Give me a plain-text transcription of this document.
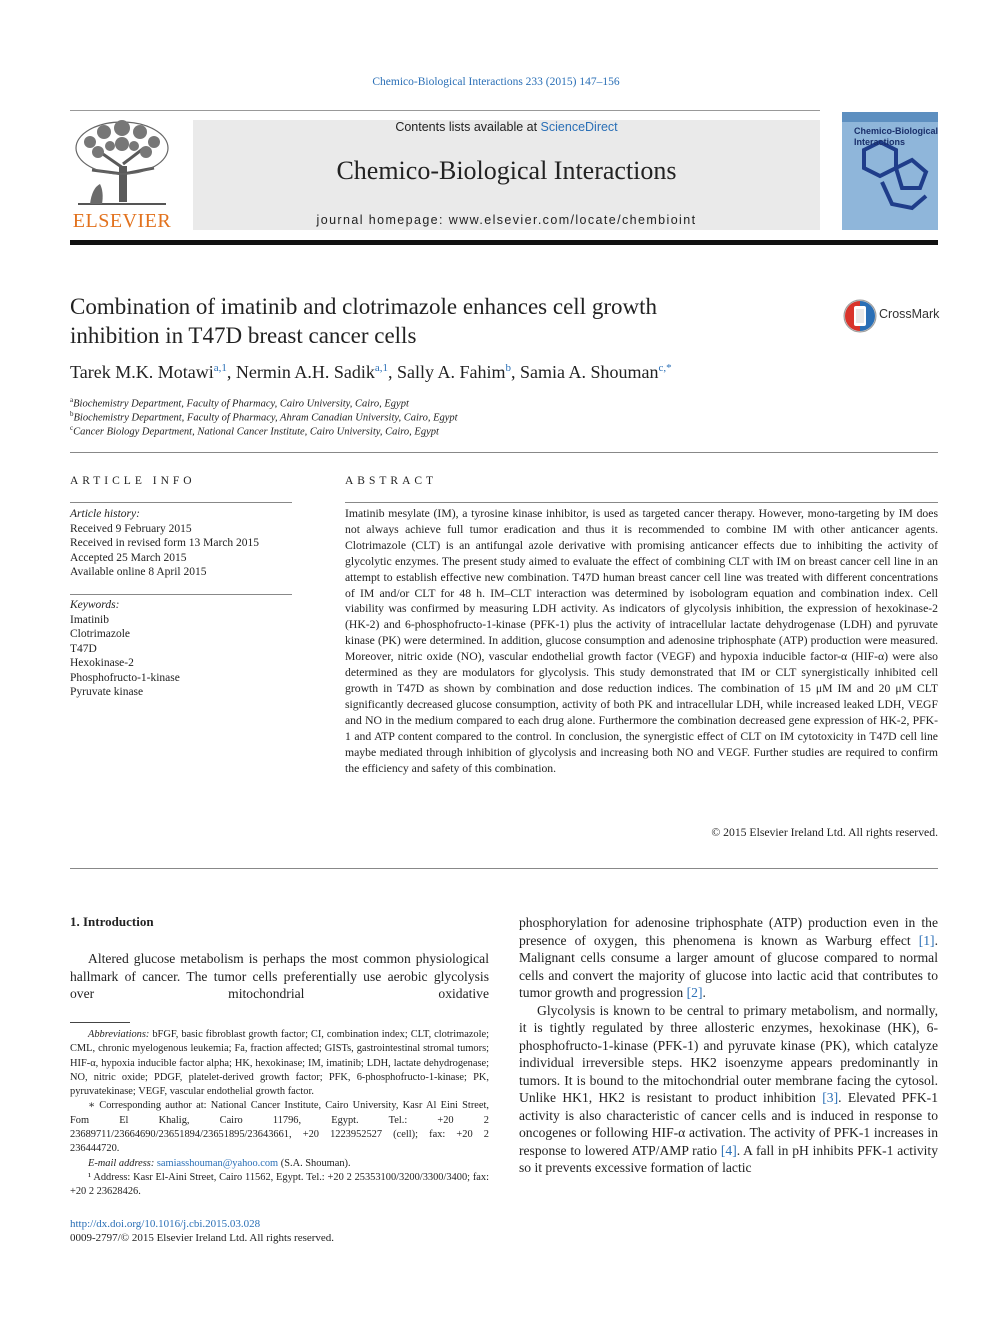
Chemico-Biological Interactions 233 (2015) 147–156
ELSEVIER
Contents lists available at ScienceDirect
Chemico-Biological Interactions
journal homepage: www.elsevier.com/locate/chembioint
Chemico-Biological Interactions
Combination of imatinib and clotrimazole enhances cell growth
inhibition in T47D breast cancer cells
CrossMark
Tarek M.K. Motawi$^{a,1}$, Nermin A.H. Sadik$^{a,1}$, Sally A. Fahim$^b$, Samia A. Shouman$^{c,*}$
$^a$Biochemistry Department, Faculty of Pharmacy, Cairo University, Cairo, Egypt
$^b$Biochemistry Department, Faculty of Pharmacy, Ahram Canadian University, Cairo, Egypt
$^c$Cancer Biology Department, National Cancer Institute, Cairo University, Cairo, Egypt
ARTICLE INFO
Article history:
Received 9 February 2015
Received in revised form 13 March 2015
Accepted 25 March 2015
Available online 8 April 2015
Keywords:
Imatinib
Clotrimazole
T47D
Hexokinase-2
Phosphofructo-1-kinase
Pyruvate kinase
ABSTRACT
Imatinib mesylate (IM), a tyrosine kinase inhibitor, is used as targeted cancer therapy. However, mono-targeting by IM does not always achieve full tumor eradication and thus it is recommended to combine IM with other anticancer agents. Clotrimazole (CLT) is an antifungal azole derivative with promising anticancer effects due to inhibiting the activity of glycolytic enzymes. The present study aimed to evaluate the effect of combining CLT with IM on breast cancer cell line in an attempt to establish effective new combination. T47D human breast cancer cell line was treated with different concentrations of IM and/or CLT for 48 h. IM–CLT interaction was determined by isobologram equation and combination index. Cell viability was confirmed by measuring LDH activity. As indicators of glycolysis inhibition, the expression of hexokinase-2 (HK-2) and 6-phosphofructo-1-kinase (PFK-1) plus the activity of intracellular lactate dehydrogenase (LDH) and pyruvate kinase (PK) were determined. In addition, glucose consumption and adenosine triphosphate (ATP) production were measured. Moreover, nitric oxide (NO), vascular endothelial growth factor (VEGF) and hypoxia inducible factor-α (HIF-α) were also determined as they are modulators for glycolysis. This study demonstrated that IM or CLT synergistically inhibited cell growth in T47D as shown by combination and dose reduction indices. The combination of 15 μM IM and 20 μM CLT significantly decreased glucose consumption, activity of both PK and intracellular LDH, while increased leaked LDH, VEGF and NO in the medium compared to each drug alone. Furthermore the combination decreased gene expression of HK-2, PFK-1 and ATP content compared to the control. In conclusion, the synergistic effect of CLT on IM cytotoxicity in T47D cell line maybe mediated through inhibition of glycolysis and increasing both NO and VEGF. Further studies are required to confirm the efficiency and safety of this combination.
© 2015 Elsevier Ireland Ltd. All rights reserved.
1. Introduction
Altered glucose metabolism is perhaps the most common physiological hallmark of cancer. The tumor cells preferentially use aerobic glycolysis over mitochondrial oxidative

phosphorylation for adenosine triphosphate (ATP) production even in the presence of oxygen, this phenomena is known as Warburg effect [1]. Malignant cells consume a larger amount of glucose compared to normal cells and convert the majority of glucose into lactic acid that contributes to tumor growth and progression [2].

Glycolysis is known to be central to primary metabolism, and normally, it is tightly regulated by three allosteric enzymes, hexokinase (HK), 6-phosphofructo-1-kinase (PFK-1) and pyruvate kinase (PK), which catalyze individual irreversible steps. HK2 isoenzyme appears predominantly in tumors. It is bound to the mitochondrial outer membrane facing the cytosol. Unlike HK1, HK2 is resistant to product inhibition [3]. Elevated PFK-1 activity is also characteristic of cancer cells and is induced in response to oncogenes or following HIF-α activation. The activity of PFK-1 increases in response to lowered ATP/AMP ratio [4]. A fall in pH inhibits PFK-1 activity so it prevents excessive formation of lactic

Abbreviations: bFGF, basic fibroblast growth factor; CI, combination index; CLT, clotrimazole; CML, chronic myelogenous leukemia; Fa, fraction affected; GISTs, gastrointestinal stromal tumors; HIF-α, hypoxia inducible factor alpha; HK, hexokinase; IM, imatinib; LDH, lactate dehydrogenase; NO, nitric oxide; PDGF, platelet-derived growth factor; PFK, 6-phosphofructo-1-kinase; PK, pyruvatekinase; VEGF, vascular endothelial growth factor.

∗ Corresponding author at: National Cancer Institute, Cairo University, Kasr Al Eini Street, Fom El Khalig, Cairo 11796, Egypt. Tel.: +20 2 23689711/23664690/23651894/23651895/23643661, +20 1223952527 (cell); fax: +20 2 236444720.

E-mail address: samiasshouman@yahoo.com (S.A. Shouman).

¹ Address: Kasr El-Aini Street, Cairo 11562, Egypt. Tel.: +20 2 25353100/3200/3300/3400; fax: +20 2 23628426.

http://dx.doi.org/10.1016/j.cbi.2015.03.028
0009-2797/© 2015 Elsevier Ireland Ltd. All rights reserved.
